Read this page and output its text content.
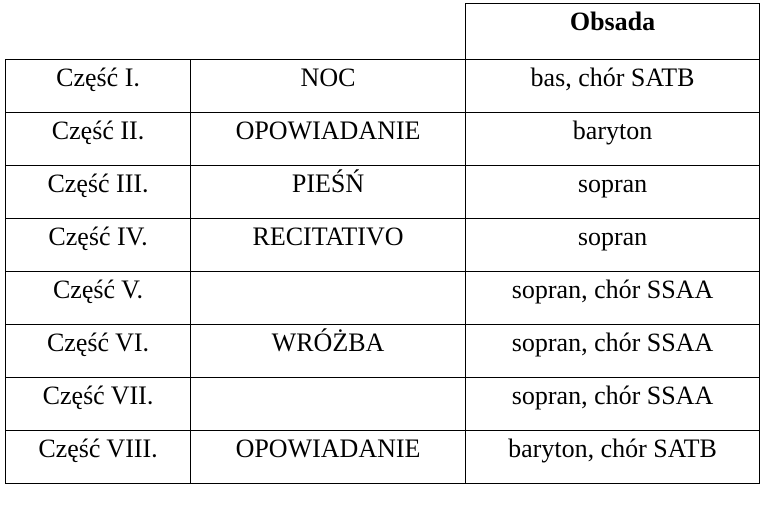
		Obsada
Część I.	NOC	bas, chór SATB
Część II.	OPOWIADANIE	baryton
Część III.	PIEŚŃ	sopran
Część IV.	RECITATIVO	sopran
Część V.		sopran, chór SSAA
Część VI.	WRÓŻBA	sopran, chór SSAA
Część VII.		sopran, chór SSAA
Część VIII.	OPOWIADANIE	baryton, chór SATB
